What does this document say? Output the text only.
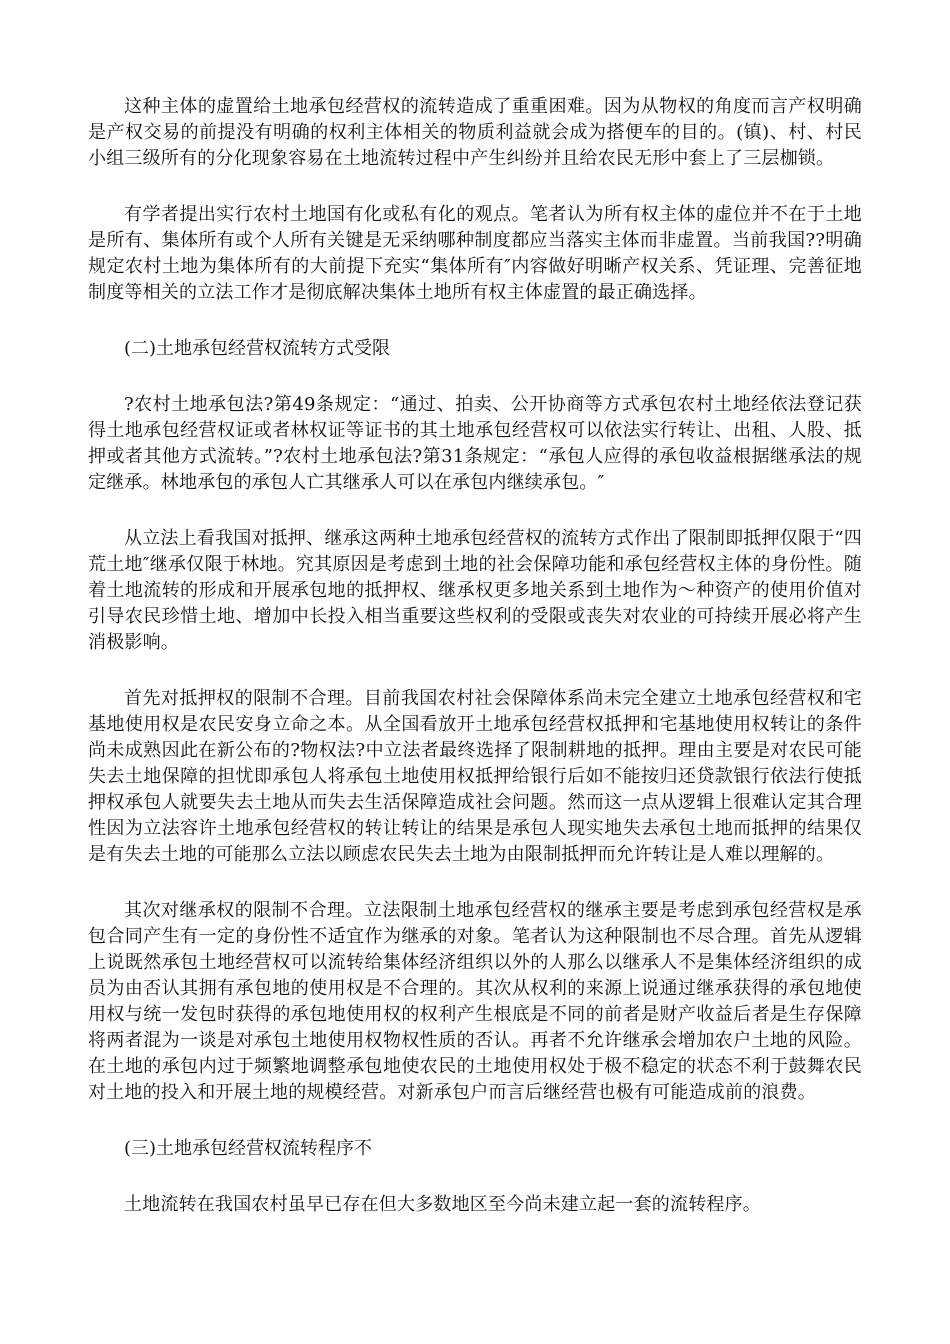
这种主体的虚置给土地承包经营权的流转造成了重重困难。因为从物权的角度而言产权明确是产权交易的前提没有明确的权利主体相关的物质利益就会成为搭便车的目的。(镇)、村、村民小组三级所有的分化现象容易在土地流转过程中产生纠纷并且给农民无形中套上了三层枷锁。

有学者提出实行农村土地国有化或私有化的观点。笔者认为所有权主体的虚位并不在于土地是所有、集体所有或个人所有关键是无采纳哪种制度都应当落实主体而非虚置。当前我国??明确规定农村土地为集体所有的大前提下充实“集体所有″内容做好明晰产权关系、凭证理、完善征地制度等相关的立法工作才是彻底解决集体土地所有权主体虚置的最正确选择。

(二)土地承包经营权流转方式受限

?农村土地承包法?第49条规定：“通过、拍卖、公开协商等方式承包农村土地经依法登记获得土地承包经营权证或者林权证等证书的其土地承包经营权可以依法实行转让、出租、人股、抵押或者其他方式流转。”?农村土地承包法?第31条规定：“承包人应得的承包收益根据继承法的规定继承。林地承包的承包人亡其继承人可以在承包内继续承包。″

从立法上看我国对抵押、继承这两种土地承包经营权的流转方式作出了限制即抵押仅限于“四荒土地″继承仅限于林地。究其原因是考虑到土地的社会保障功能和承包经营权主体的身份性。随着土地流转的形成和开展承包地的抵押权、继承权更多地关系到土地作为～种资产的使用价值对引导农民珍惜土地、增加中长投入相当重要这些权利的受限或丧失对农业的可持续开展必将产生消极影响。

首先对抵押权的限制不合理。目前我国农村社会保障体系尚未完全建立土地承包经营权和宅基地使用权是农民安身立命之本。从全国看放开土地承包经营权抵押和宅基地使用权转让的条件尚未成熟因此在新公布的?物权法?中立法者最终选择了限制耕地的抵押。理由主要是对农民可能失去土地保障的担忧即承包人将承包土地使用权抵押给银行后如不能按归还贷款银行依法行使抵押权承包人就要失去土地从而失去生活保障造成社会问题。然而这一点从逻辑上很难认定其合理性因为立法容许土地承包经营权的转让转让的结果是承包人现实地失去承包土地而抵押的结果仅是有失去土地的可能那么立法以顾虑农民失去土地为由限制抵押而允许转让是人难以理解的。

其次对继承权的限制不合理。立法限制土地承包经营权的继承主要是考虑到承包经营权是承包合同产生有一定的身份性不适宜作为继承的对象。笔者认为这种限制也不尽合理。首先从逻辑上说既然承包土地经营权可以流转给集体经济组织以外的人那么以继承人不是集体经济组织的成员为由否认其拥有承包地的使用权是不合理的。其次从权利的来源上说通过继承获得的承包地使用权与统一发包时获得的承包地使用权的权利产生根底是不同的前者是财产收益后者是生存保障将两者混为一谈是对承包土地使用权物权性质的否认。再者不允许继承会增加农户土地的风险。在土地的承包内过于频繁地调整承包地使农民的土地使用权处于极不稳定的状态不利于鼓舞农民对土地的投入和开展土地的规模经营。对新承包户而言后继经营也极有可能造成前的浪费。

(三)土地承包经营权流转程序不

土地流转在我国农村虽早已存在但大多数地区至今尚未建立起一套的流转程序。
